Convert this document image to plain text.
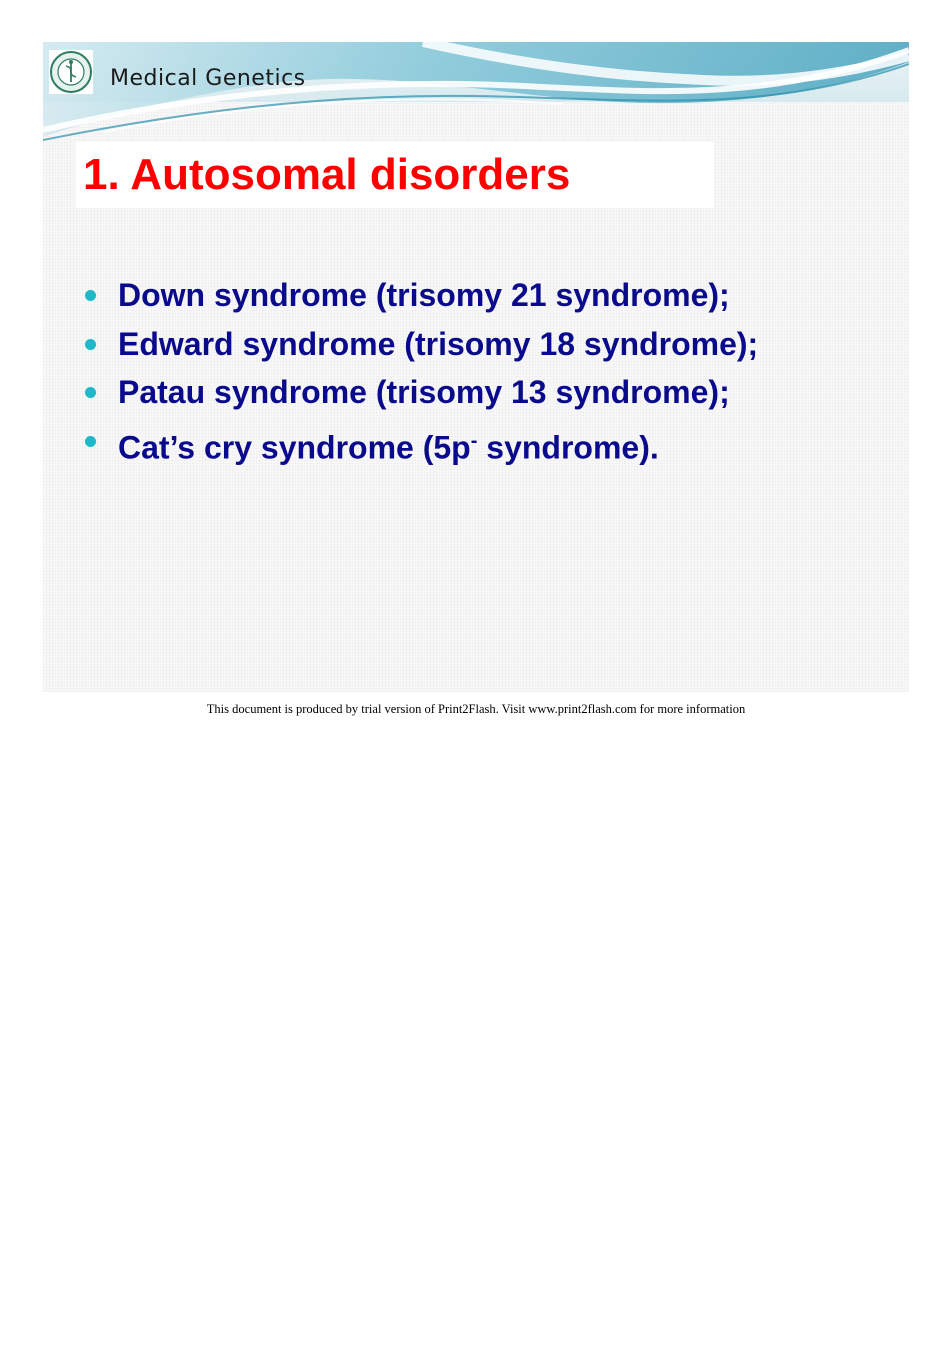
Medical Genetics
1. Autosomal disorders
Down syndrome (trisomy 21 syndrome);
Edward syndrome (trisomy 18 syndrome);
Patau syndrome (trisomy 13 syndrome);
Cat’s cry syndrome (5p- syndrome).
This document is produced by trial version of Print2Flash. Visit www.print2flash.com for more information
